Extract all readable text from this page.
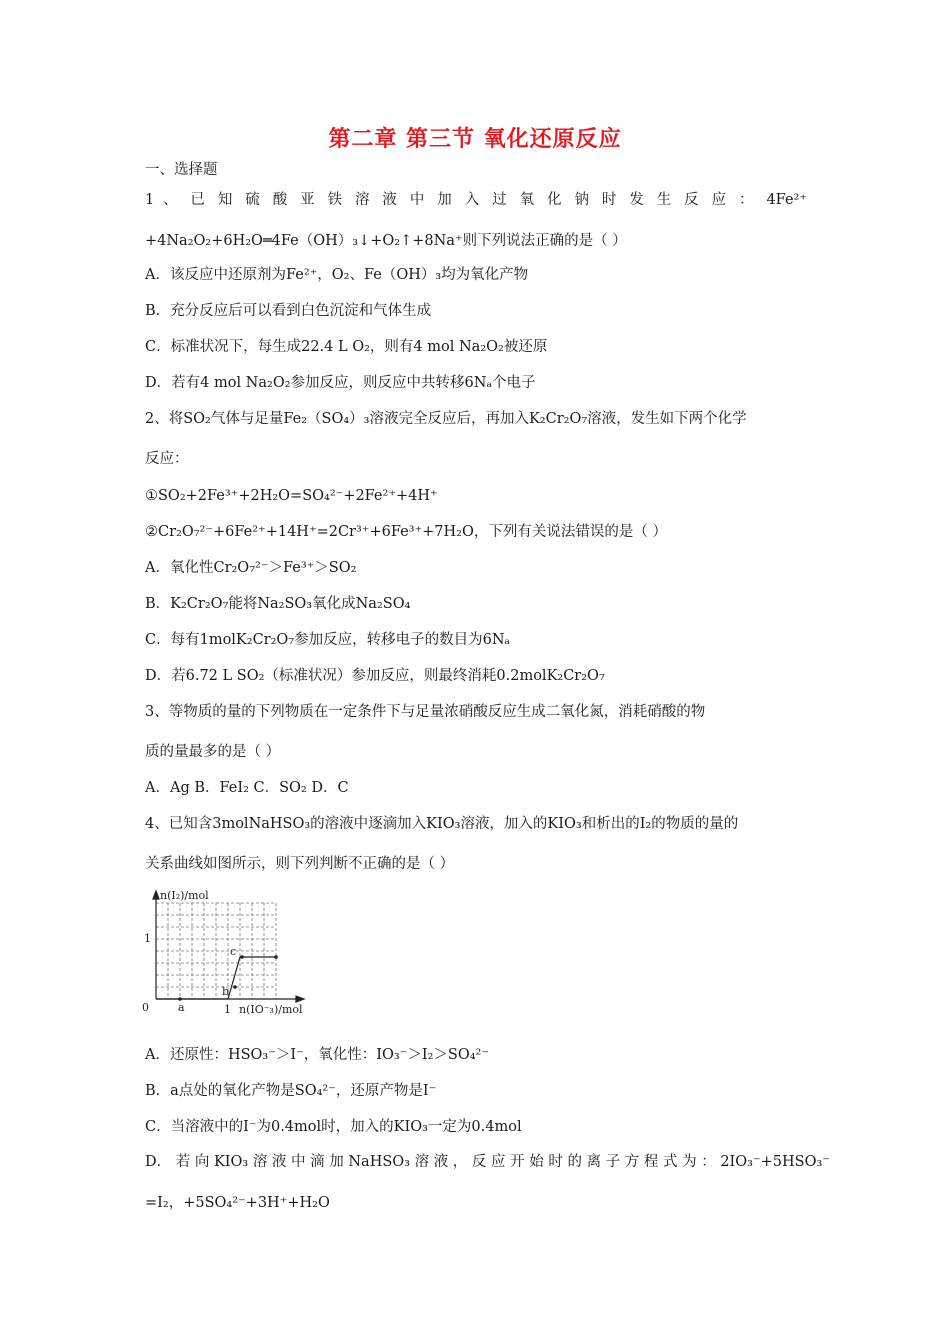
第二章 第三节 氧化还原反应
一、选择题
1 、 已 知 硫 酸 亚 铁 溶 液 中 加 入 过 氧 化 钠 时 发 生 反 应 ： 4Fe²⁺
+4Na₂O₂+6H₂O═4Fe（OH）₃↓+O₂↑+8Na⁺则下列说法正确的是（ ）
A．该反应中还原剂为Fe²⁺，O₂、Fe（OH）₃均为氧化产物
B．充分反应后可以看到白色沉淀和气体生成
C．标准状况下，每生成22.4 L O₂，则有4 mol Na₂O₂被还原
D．若有4 mol Na₂O₂参加反应，则反应中共转移6Nₐ个电子
2、将SO₂气体与足量Fe₂（SO₄）₃溶液完全反应后，再加入K₂Cr₂O₇溶液，发生如下两个化学
反应：
①SO₂+2Fe³⁺+2H₂O=SO₄²⁻+2Fe²⁺+4H⁺
②Cr₂O₇²⁻+6Fe²⁺+14H⁺=2Cr³⁺+6Fe³⁺+7H₂O，下列有关说法错误的是（ ）
A．氧化性Cr₂O₇²⁻＞Fe³⁺＞SO₂
B．K₂Cr₂O₇能将Na₂SO₃氧化成Na₂SO₄
C．每有1molK₂Cr₂O₇参加反应，转移电子的数目为6Nₐ
D．若6.72 L SO₂（标准状况）参加反应，则最终消耗0.2molK₂Cr₂O₇
3、等物质的量的下列物质在一定条件下与足量浓硝酸反应生成二氧化氮，消耗硝酸的物
质的量最多的是（ ）
A．Ag B．FeI₂ C．SO₂ D．C
4、已知含3molNaHSO₃的溶液中逐滴加入KIO₃溶液，加入的KIO₃和析出的I₂的物质的量的
关系曲线如图所示，则下列判断不正确的是（ ）
n(I₂)/mol
0
1
1 n(IO⁻₃)/mol
a
b
c
A．还原性：HSO₃⁻＞I⁻，氧化性：IO₃⁻＞I₂＞SO₄²⁻
B．a点处的氧化产物是SO₄²⁻，还原产物是I⁻
C．当溶液中的I⁻为0.4mol时，加入的KIO₃一定为0.4mol
D． 若 向 KIO₃ 溶 液 中 滴 加 NaHSO₃ 溶 液 ， 反 应 开 始 时 的 离 子 方 程 式 为 ： 2IO₃⁻+5HSO₃⁻
=I₂，+5SO₄²⁻+3H⁺+H₂O
